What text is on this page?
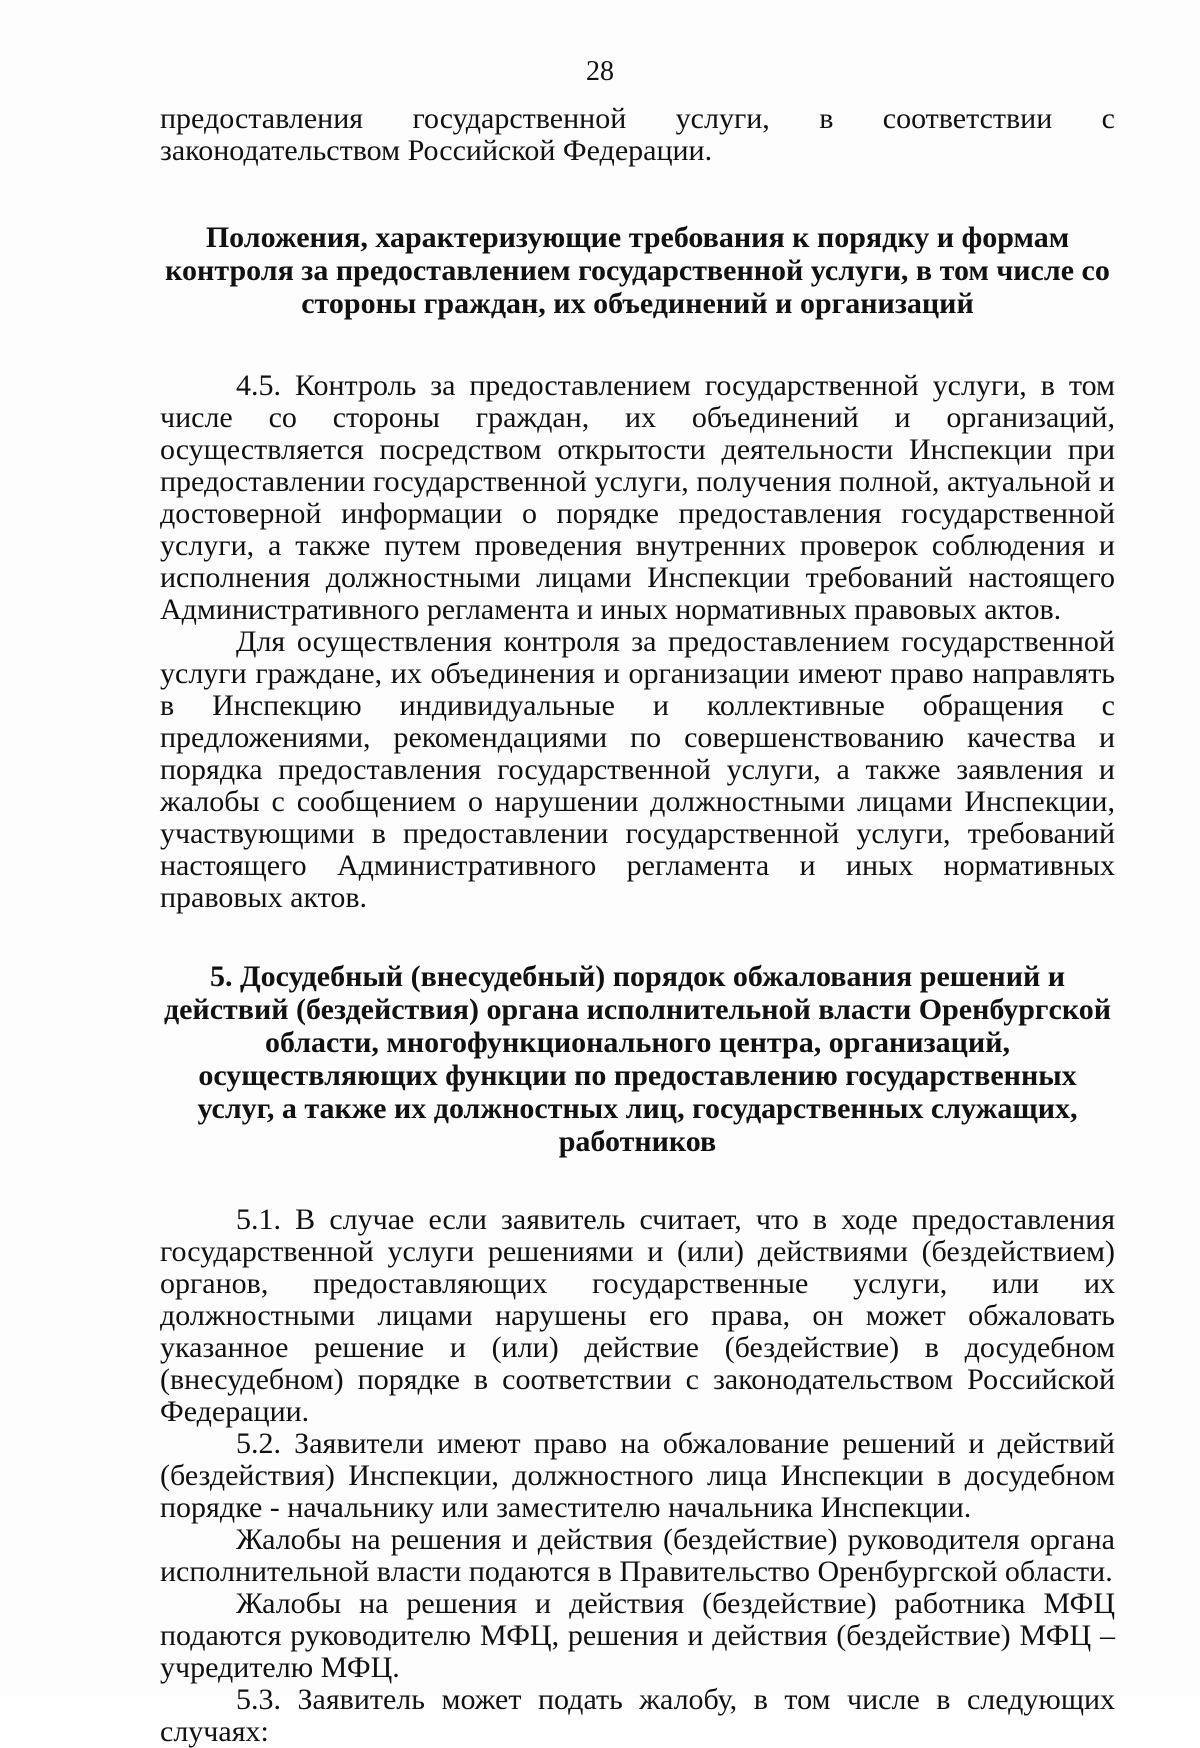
28

предоставления государственной услуги, в соответствии с законодательством Российской Федерации.

Положения, характеризующие требования к порядку и формам контроля за предоставлением государственной услуги, в том числе со стороны граждан, их объединений и организаций

4.5. Контроль за предоставлением государственной услуги, в том числе со стороны граждан, их объединений и организаций, осуществляется посредством открытости деятельности Инспекции при предоставлении государственной услуги, получения полной, актуальной и достоверной информации о порядке предоставления государственной услуги, а также путем проведения внутренних проверок соблюдения и исполнения должностными лицами Инспекции требований настоящего Административного регламента и иных нормативных правовых актов.

Для осуществления контроля за предоставлением государственной услуги граждане, их объединения и организации имеют право направлять в Инспекцию индивидуальные и коллективные обращения с предложениями, рекомендациями по совершенствованию качества и порядка предоставления государственной услуги, а также заявления и жалобы с сообщением о нарушении должностными лицами Инспекции, участвующими в предоставлении государственной услуги, требований настоящего Административного регламента и иных нормативных правовых актов.

5. Досудебный (внесудебный) порядок обжалования решений и действий (бездействия) органа исполнительной власти Оренбургской области, многофункционального центра, организаций, осуществляющих функции по предоставлению государственных услуг, а также их должностных лиц, государственных служащих, работников

5.1. В случае если заявитель считает, что в ходе предоставления государственной услуги решениями и (или) действиями (бездействием) органов, предоставляющих государственные услуги, или их должностными лицами нарушены его права, он может обжаловать указанное решение и (или) действие (бездействие) в досудебном (внесудебном) порядке в соответствии с законодательством Российской Федерации.

5.2. Заявители имеют право на обжалование решений и действий (бездействия) Инспекции, должностного лица Инспекции в досудебном порядке - начальнику или заместителю начальника Инспекции.

Жалобы на решения и действия (бездействие) руководителя органа исполнительной власти подаются в Правительство Оренбургской области.

Жалобы на решения и действия (бездействие) работника МФЦ подаются руководителю МФЦ, решения и действия (бездействие) МФЦ – учредителю МФЦ.

5.3. Заявитель может подать жалобу, в том числе в следующих случаях:
